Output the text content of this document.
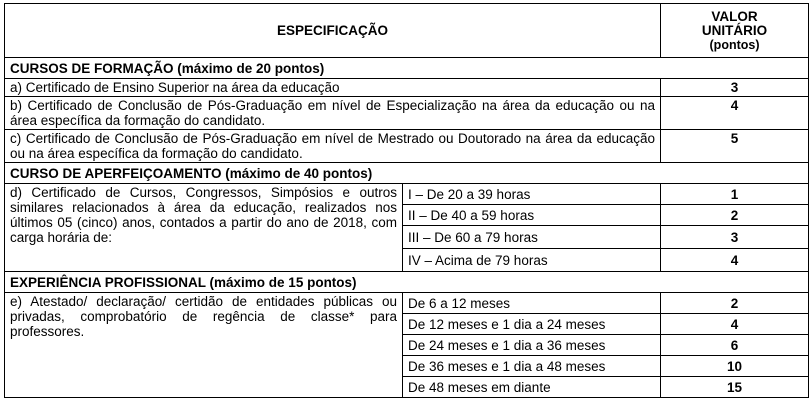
ESPECIFICAÇÃO		VALOR
UNITÁRIO
(pontos)
CURSOS DE FORMAÇÃO (máximo de 20 pontos)		
a) Certificado de Ensino Superior na área da educação		3
b) Certificado de Conclusão de Pós-Graduação em nível de Especialização na área da educação ou na área específica da formação do candidato.		4
c) Certificado de Conclusão de Pós-Graduação em nível de Mestrado ou Doutorado na área da educação ou na área específica da formação do candidato.		5
CURSO DE APERFEIÇOAMENTO (máximo de 40 pontos)		
d) Certificado de Cursos, Congressos, Simpósios e outros similares relacionados à área da educação, realizados nos últimos 05 (cinco) anos, contados a partir do ano de 2018, com carga horária de:	I – De 20 a 39 horas	1
	II – De 40 a 59 horas	2
	III – De 60 a 79 horas	3
	IV – Acima de 79 horas	4
EXPERIÊNCIA PROFISSIONAL (máximo de 15 pontos)		
e) Atestado/ declaração/ certidão de entidades públicas ou privadas, comprobatório de regência de classe* para professores.	De 6 a 12 meses	2
	De 12 meses e 1 dia a 24 meses	4
	De 24 meses e 1 dia a 36 meses	6
	De 36 meses e 1 dia a 48 meses	10
	De 48 meses em diante	15
